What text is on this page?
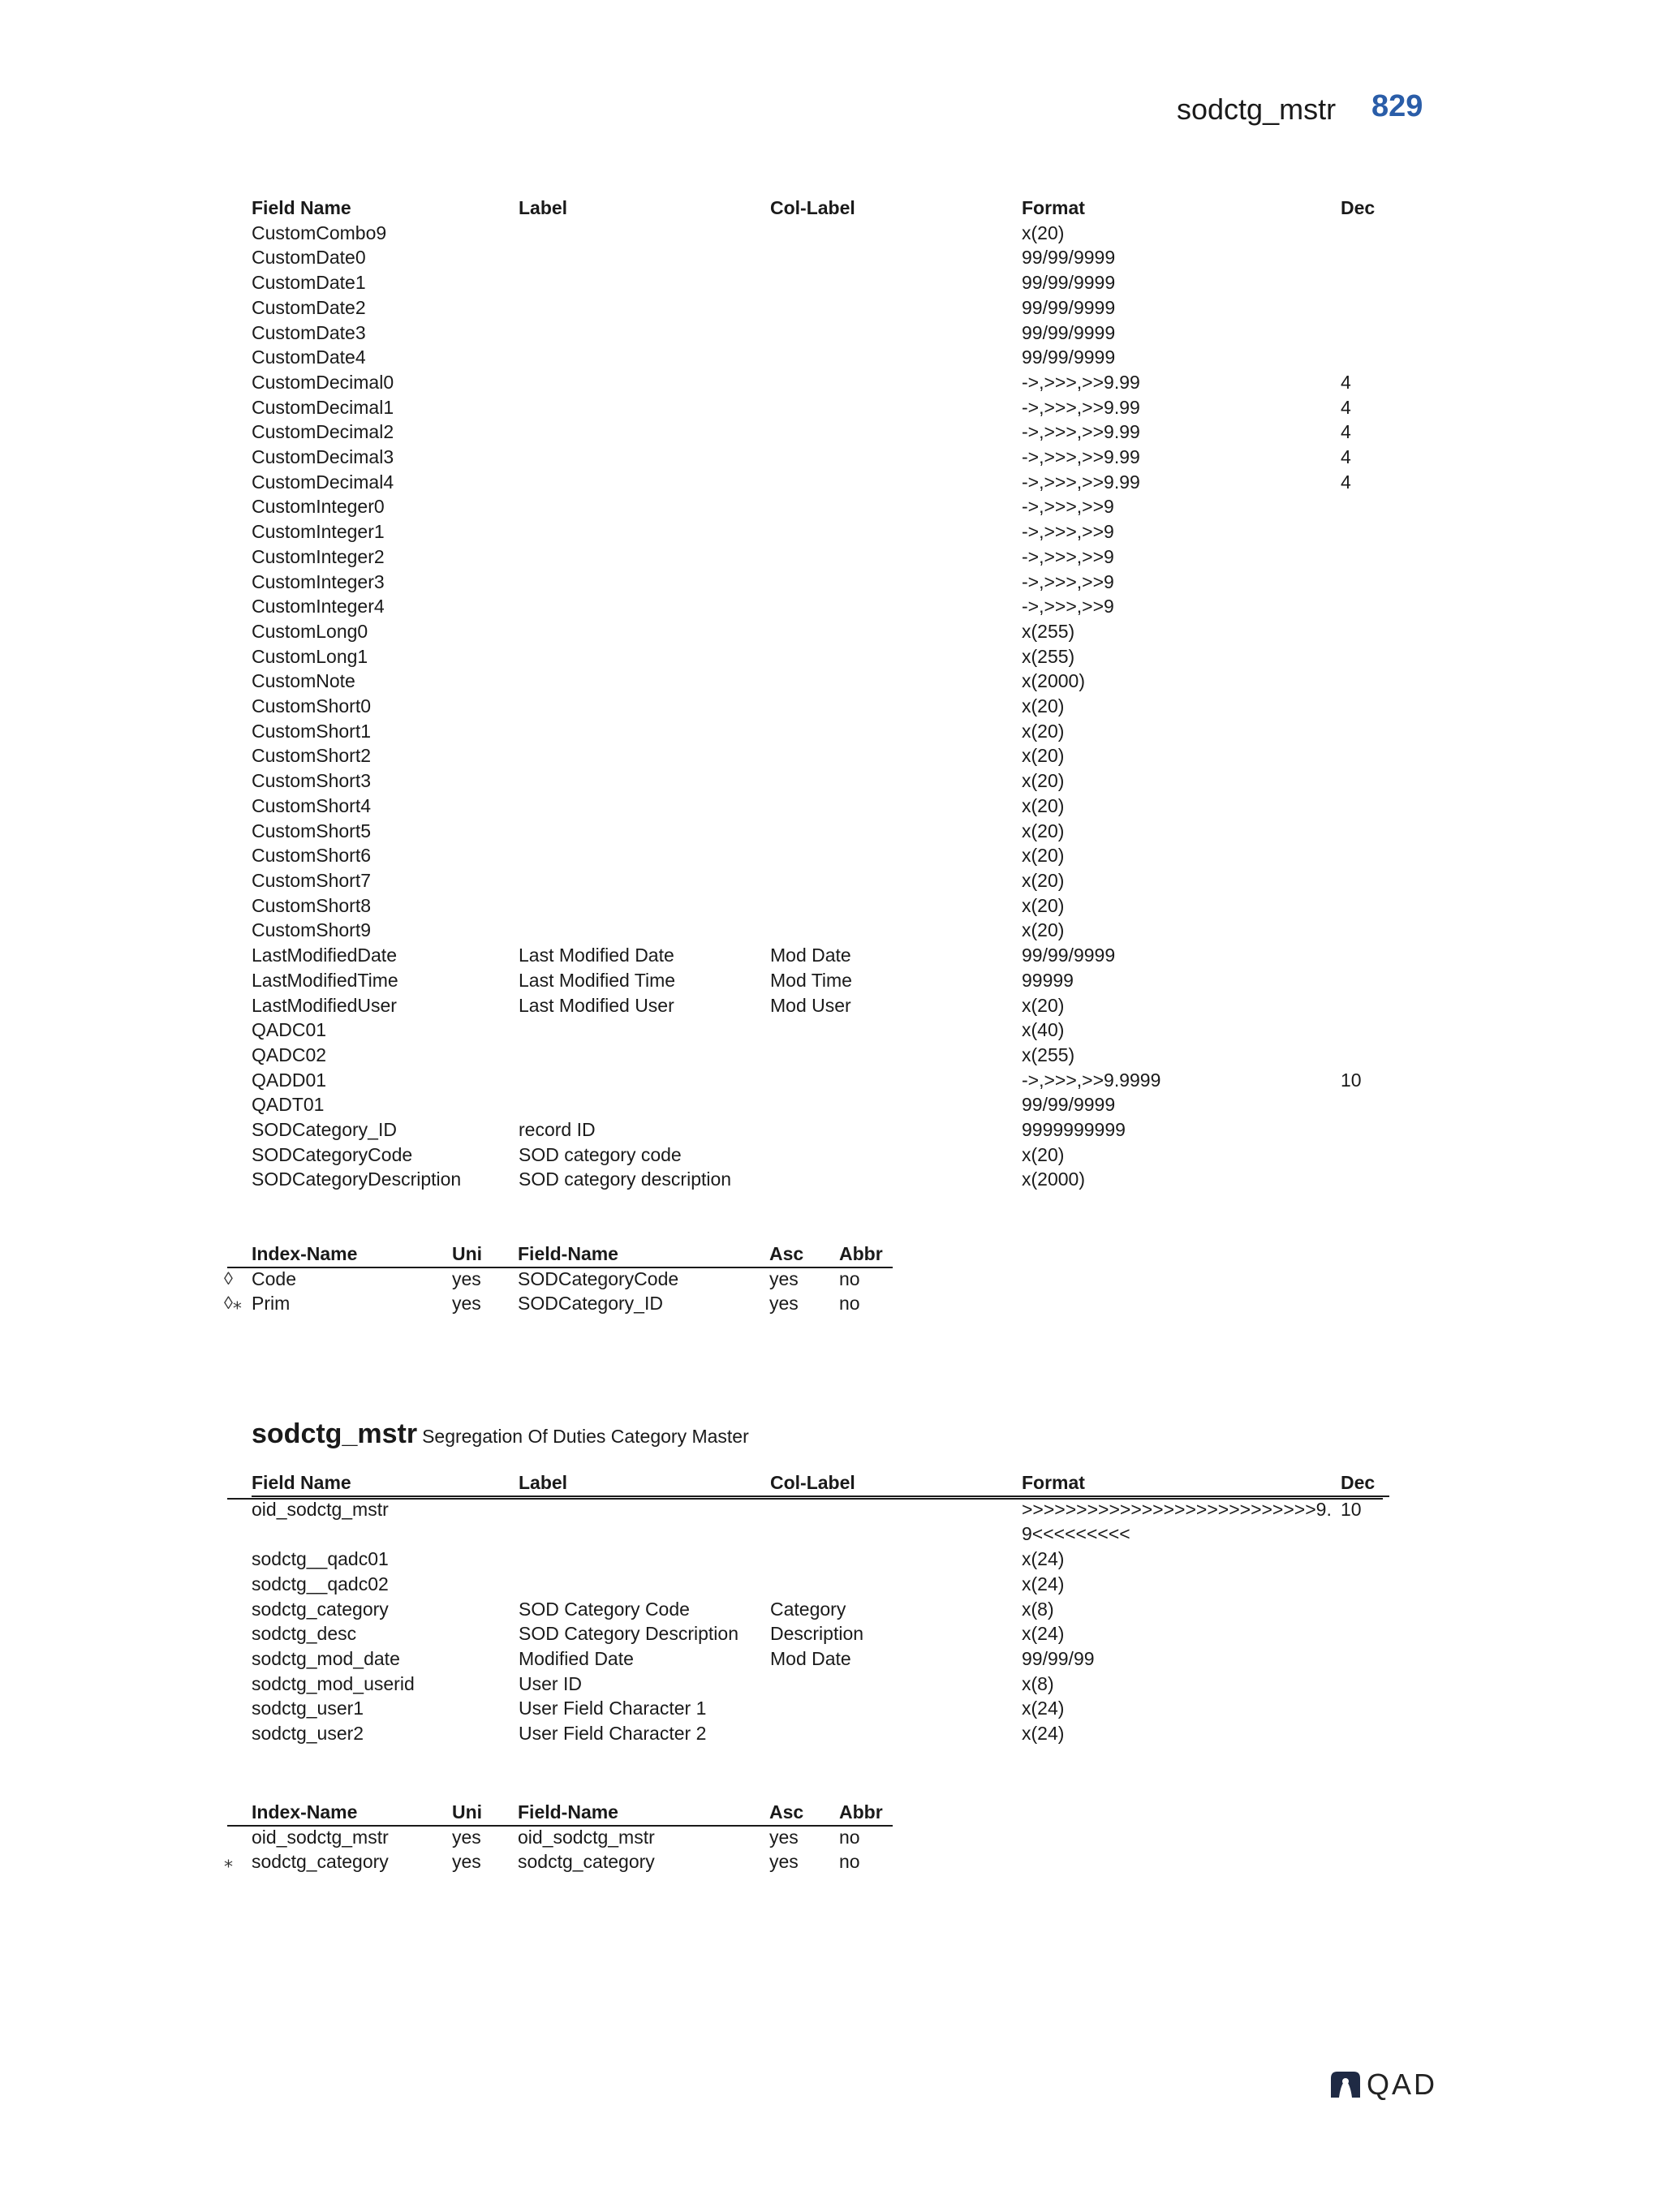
sodctg_mstr 829
Field Name	Label	Col-Label	Format	Dec
CustomCombo9			x(20)	
CustomDate0			99/99/9999	
CustomDate1			99/99/9999	
CustomDate2			99/99/9999	
CustomDate3			99/99/9999	
CustomDate4			99/99/9999	
CustomDecimal0			->,>>>,>>9.99	4
CustomDecimal1			->,>>>,>>9.99	4
CustomDecimal2			->,>>>,>>9.99	4
CustomDecimal3			->,>>>,>>9.99	4
CustomDecimal4			->,>>>,>>9.99	4
CustomInteger0			->,>>>,>>9	
CustomInteger1			->,>>>,>>9	
CustomInteger2			->,>>>,>>9	
CustomInteger3			->,>>>,>>9	
CustomInteger4			->,>>>,>>9	
CustomLong0			x(255)	
CustomLong1			x(255)	
CustomNote			x(2000)	
CustomShort0			x(20)	
CustomShort1			x(20)	
CustomShort2			x(20)	
CustomShort3			x(20)	
CustomShort4			x(20)	
CustomShort5			x(20)	
CustomShort6			x(20)	
CustomShort7			x(20)	
CustomShort8			x(20)	
CustomShort9			x(20)	
LastModifiedDate	Last Modified Date	Mod Date	99/99/9999	
LastModifiedTime	Last Modified Time	Mod Time	99999	
LastModifiedUser	Last Modified User	Mod User	x(20)	
QADC01			x(40)	
QADC02			x(255)	
QADD01			->,>>>,>>9.9999	10
QADT01			99/99/9999	
SODCategory_ID	record ID		9999999999	
SODCategoryCode	SOD category code		x(20)	
SODCategoryDescription	SOD category description		x(2000)	
Index-Name	Uni	Field-Name	Asc	Abbr
Code	yes	SODCategoryCode	yes	no
Prim	yes	SODCategory_ID	yes	no
◊
◊⁎
sodctg_mstr Segregation Of Duties Category Master
Field Name	Label	Col-Label	Format	Dec
oid_sodctg_mstr			>>>>>>>>>>>>>>>>>>>>>>>>>>>9.9<<<<<<<<<	10
sodctg__qadc01			x(24)	
sodctg__qadc02			x(24)	
sodctg_category	SOD Category Code	Category	x(8)	
sodctg_desc	SOD Category Description	Description	x(24)	
sodctg_mod_date	Modified Date	Mod Date	99/99/99	
sodctg_mod_userid	User ID		x(8)	
sodctg_user1	User Field Character 1		x(24)	
sodctg_user2	User Field Character 2		x(24)	
Index-Name	Uni	Field-Name	Asc	Abbr
oid_sodctg_mstr	yes	oid_sodctg_mstr	yes	no
sodctg_category	yes	sodctg_category	yes	no
⁎
QAD
